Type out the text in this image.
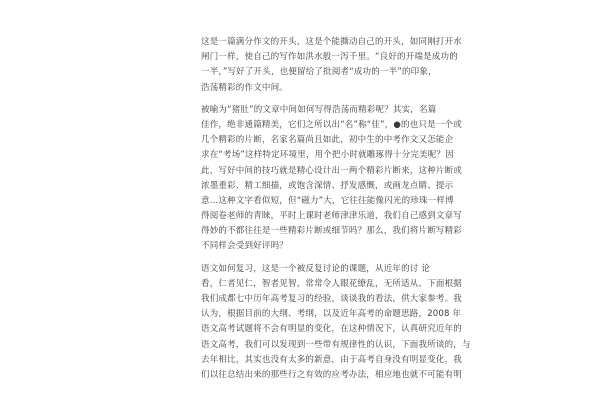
这是一篇满分作文的开头，这是个能撕动自己的开头，如同刚打开水
闸门一样，使自己的写作如洪水般一泻千里。“良好的开端是成功的
一半，”写好了开头，也便留给了批阅者“成功的一半”的印象，
浩荡精彩的作文中间。
被喻为“猪肚”的文章中间如何写得浩荡而精彩呢？其实，名篇
佳作，绝非通篇精美，它们之所以出“名”称“佳”，●的也只是一个或
几个精彩的片断，名家名篇尚且如此，初中生的中考作文又怎能企
求在“考场”这样特定环境里，用个把小时就雕琢得十分完美呢？因
此，写好中间的技巧就是精心设计出一两个精彩片断来，这种片断或
浓墨重彩、精工细描，或饱含深情、抒发感慨，或画龙点睛、提示
意…这种文字看似短，但“磁力”大，它往往能像闪光的珍珠一样博
得阅卷老师的青睐，平时上课时老师津津乐道，我们自己感到文章写
得妙的不都往往是一些精彩片断或细节吗？那么，我们将片断写精彩
不同样会受到好评吗？
语文如何复习，这是一个被反复讨论的课题，从近年的讨 论
看，仁者见仁，智者见智，常常令人眼花缭乱，无所适从。下面根据
我们成都七中历年高考复习的经验，谈谈我的看法，供大家参考。我
认为，根据目前的大纲、考纲，以及近年高考的命题思路，2008 年
语文高考试题将不会有明显的变化，在这种情况下，认真研究近年的
语文高考，我们可以发现到一些带有规律性的认识，下面我所谈的，与
去年相比，其实也没有太多的新意，由于高考自身没有明显变化，我
们以往总结出来的那些行之有效的应考办法，相应地也就不可能有明
